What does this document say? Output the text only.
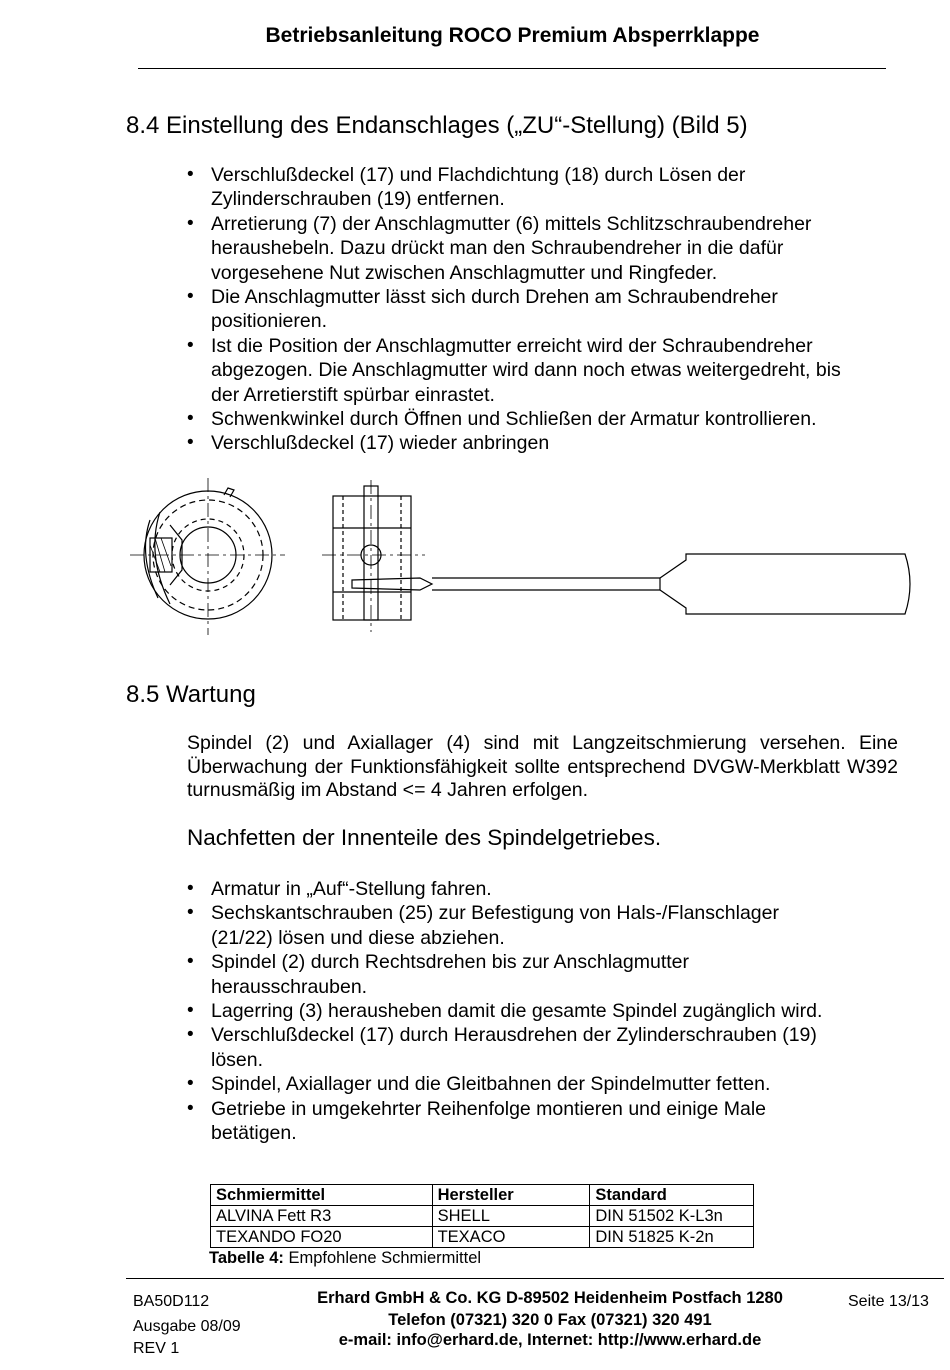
Betriebsanleitung ROCO Premium Absperrklappe
8.4 Einstellung des Endanschlages („ZU“-Stellung) (Bild 5)
• Verschlußdeckel (17) und Flachdichtung (18) durch Lösen der
Zylinderschrauben (19) entfernen.
• Arretierung (7) der Anschlagmutter (6) mittels Schlitzschraubendreher
heraushebeln. Dazu drückt man den Schraubendreher in die dafür
vorgesehene Nut zwischen Anschlagmutter und Ringfeder.
• Die Anschlagmutter lässt sich durch Drehen am Schraubendreher
positionieren.
• Ist die Position der Anschlagmutter erreicht wird der Schraubendreher
abgezogen. Die Anschlagmutter wird dann noch etwas weitergedreht, bis
der Arretierstift spürbar einrastet.
• Schwenkwinkel durch Öffnen und Schließen der Armatur kontrollieren.
• Verschlußdeckel (17) wieder anbringen
8.5 Wartung
Spindel (2) und Axiallager (4) sind mit Langzeitschmierung versehen. Eine Überwachung der Funktionsfähigkeit sollte entsprechend DVGW-Merkblatt W392 turnusmäßig im Abstand <= 4 Jahren erfolgen.
Nachfetten der Innenteile des Spindelgetriebes.
• Armatur in „Auf“-Stellung fahren.
• Sechskantschrauben (25) zur Befestigung von Hals-/Flanschlager
(21/22) lösen und diese abziehen.
• Spindel (2) durch Rechtsdrehen bis zur Anschlagmutter
herausschrauben.
• Lagerring (3) herausheben damit die gesamte Spindel zugänglich wird.
• Verschlußdeckel (17) durch Herausdrehen der Zylinderschrauben (19)
lösen.
• Spindel, Axiallager und die Gleitbahnen der Spindelmutter fetten.
• Getriebe in umgekehrter Reihenfolge montieren und einige Male
betätigen.
Schmiermittel	Hersteller	Standard
ALVINA Fett R3	SHELL	DIN 51502 K-L3n
TEXANDO FO20	TEXACO	DIN 51825 K-2n
Tabelle 4: Empfohlene Schmiermittel
BA50D112
Ausgabe 08/09
REV 1
Erhard GmbH & Co. KG D-89502 Heidenheim Postfach 1280
Telefon (07321) 320 0 Fax (07321) 320 491
e-mail: info@erhard.de, Internet: http://www.erhard.de
Seite 13/13
